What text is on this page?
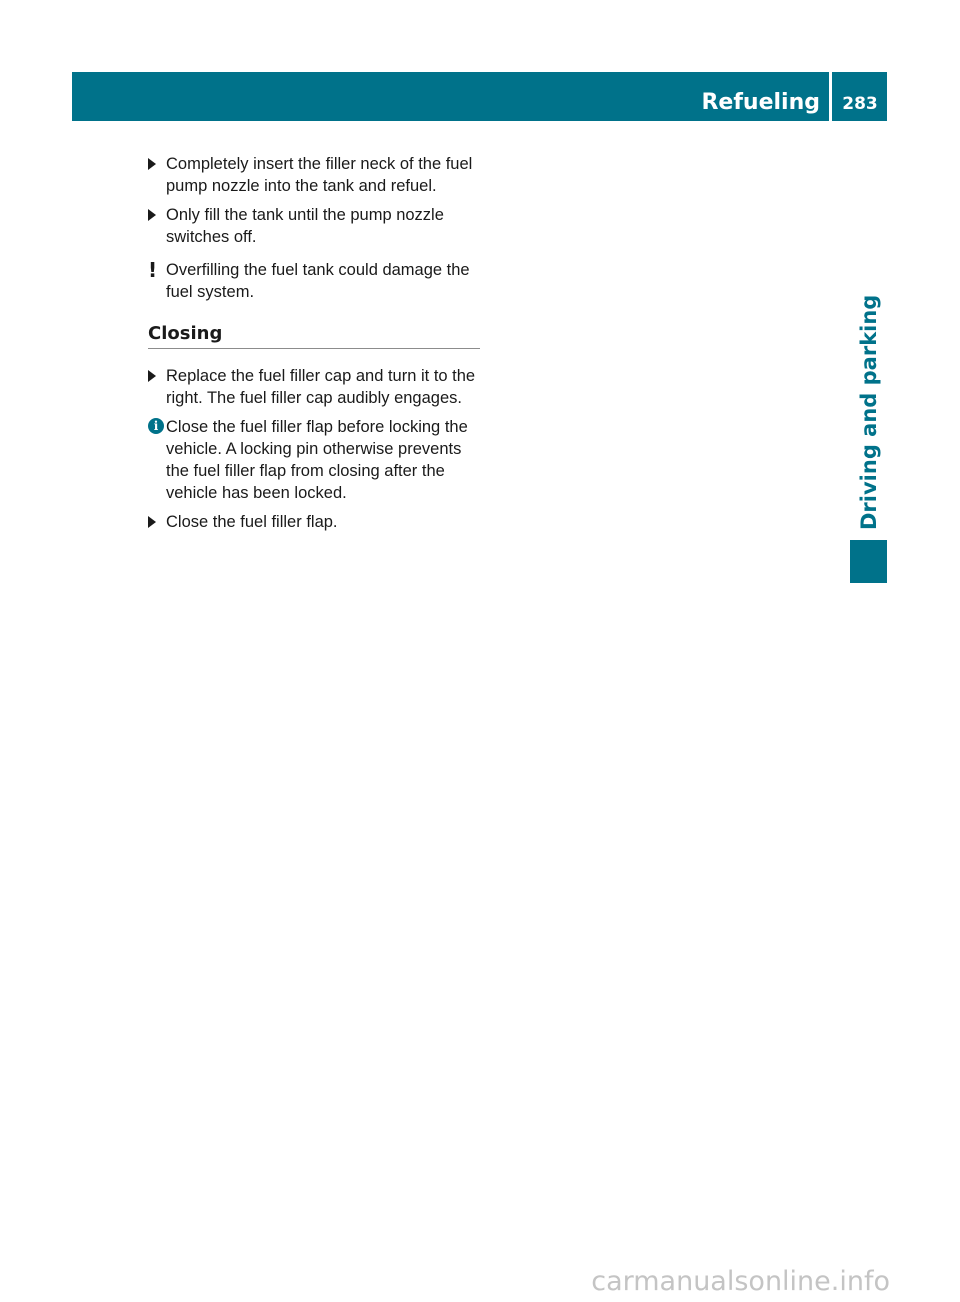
Refueling	283
Driving and parking
Completely insert the filler neck of the fuel pump nozzle into the tank and refuel.
Only fill the tank until the pump nozzle switches off.
! Overfilling the fuel tank could damage the fuel system.
Closing
Replace the fuel filler cap and turn it to the right. The fuel filler cap audibly engages.
i Close the fuel filler flap before locking the vehicle. A locking pin otherwise prevents the fuel filler flap from closing after the vehicle has been locked.
Close the fuel filler flap.
carmanualsonline.info
